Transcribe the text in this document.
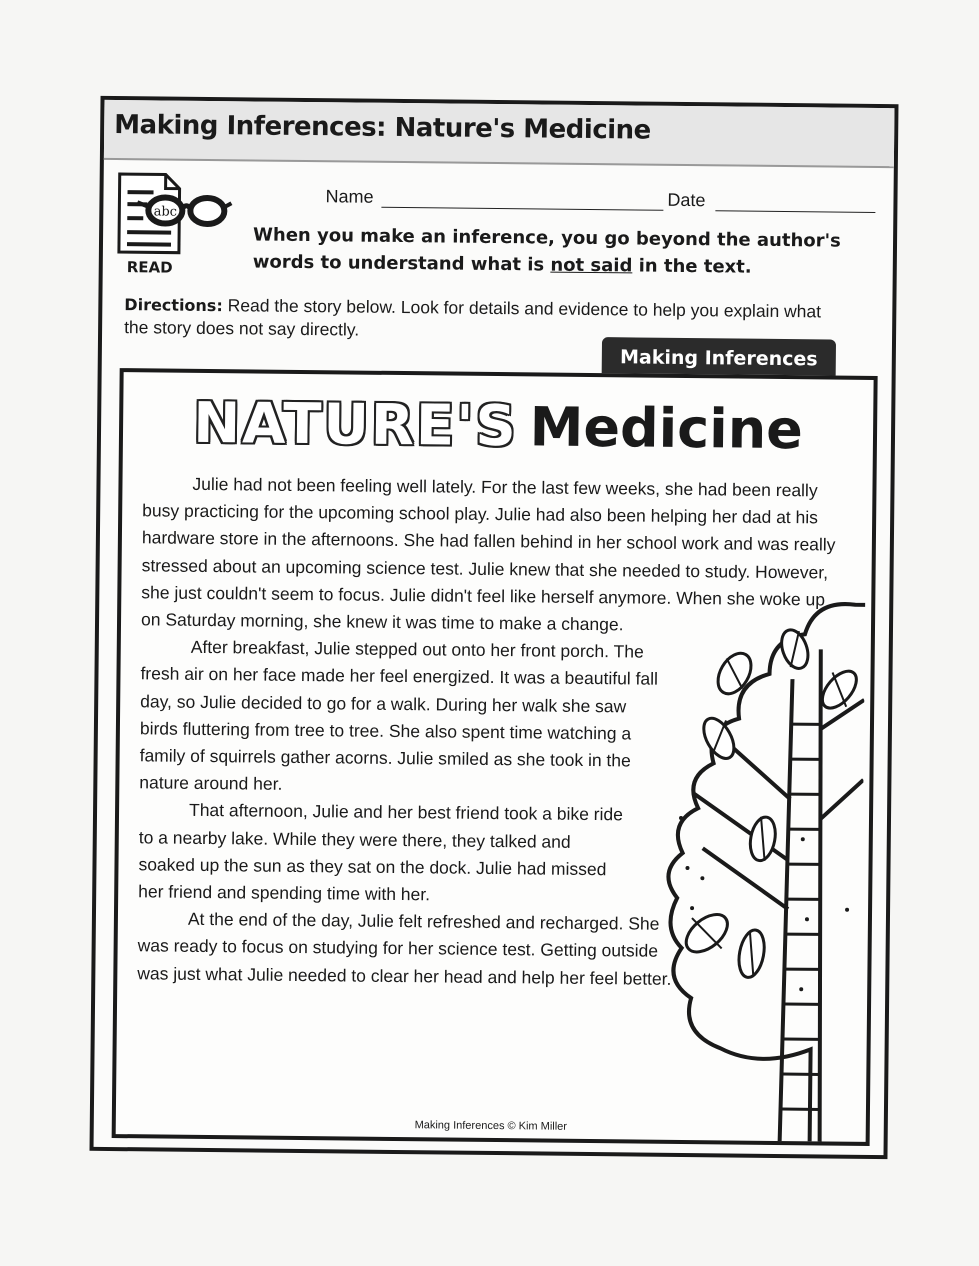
Making Inferences: Nature's Medicine
abc
READ
Name	Date
When you make an inference, you go beyond the author's words to understand what is not said in the text.
Directions: Read the story below. Look for details and evidence to help you explain what the story does not say directly.
Making Inferences
NATURE'S Medicine

Julie had not been feeling well lately. For the last few weeks, she had been really busy practicing for the upcoming school play. Julie had also been helping her dad at his hardware store in the afternoons. She had fallen behind in her school work and was really stressed about an upcoming science test. Julie knew that she needed to study. However, she just couldn't seem to focus. Julie didn't feel like herself anymore. When she woke up on Saturday morning, she knew it was time to make a change.

After breakfast, Julie stepped out onto her front porch. The fresh air on her face made her feel energized. It was a beautiful fall day, so Julie decided to go for a walk. During her walk she saw birds fluttering from tree to tree. She also spent time watching a family of squirrels gather acorns. Julie smiled as she took in the nature around her.

That afternoon, Julie and her best friend took a bike ride to a nearby lake. While they were there, they talked and soaked up the sun as they sat on the dock. Julie had missed her friend and spending time with her.

At the end of the day, Julie felt refreshed and recharged. She was ready to focus on studying for her science test. Getting outside was just what Julie needed to clear her head and help her feel better.

Making Inferences © Kim Miller
